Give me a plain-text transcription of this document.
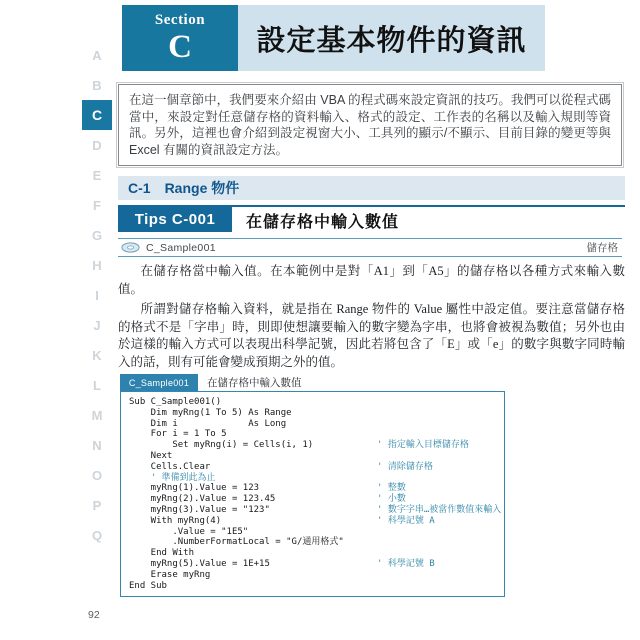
A
B
C
D
E
F
G
H
I
J
K
L
M
N
O
P
Q
Section
C	設定基本物件的資訊
在這一個章節中，我們要來介紹由 VBA 的程式碼來設定資訊的技巧。我們可以從程式碼當中，來設定對任意儲存格的資料輸入、格式的設定、工作表的名稱以及輸入規則等資訊。另外，這裡也會介紹到設定視窗大小、工具列的顯示/不顯示、目前目錄的變更等與 Excel 有關的資訊設定方法。
C-1 Range 物件
Tips C-001	在儲存格中輸入數值
C_Sample001	儲存格

在儲存格當中輸入值。在本範例中是對「A1」到「A5」的儲存格以各種方式來輸入數值。

所謂對儲存格輸入資料，就是指在 Range 物件的 Value 屬性中設定值。要注意當儲存格的格式不是「字串」時，則即使想讓要輸入的數字變為字串，也將會被視為數值；另外也由於這樣的輸入方式可以表現出科學記號，因此若將包含了「E」或「e」的數字與數字同時輸入的話，則有可能會變成預期之外的值。

C_Sample001	在儲存格中輸入數值
Sub C_Sample001()
Dim myRng(1 To 5) As Range
Dim i             As Long
For i = 1 To 5
Set myRng(i) = Cells(i, 1)	' 指定輸入目標儲存格
Next
Cells.Clear	' 清除儲存格
' 準備到此為止
myRng(1).Value = 123	' 整數
myRng(2).Value = 123.45	' 小數
myRng(3).Value = "123"	' 數字字串…被當作數值來輸入
With myRng(4)	' 科學記號 A
.Value = "1E5"
.NumberFormatLocal = "G/通用格式"
End With
myRng(5).Value = 1E+15	' 科學記號 B
Erase myRng
End Sub
92
